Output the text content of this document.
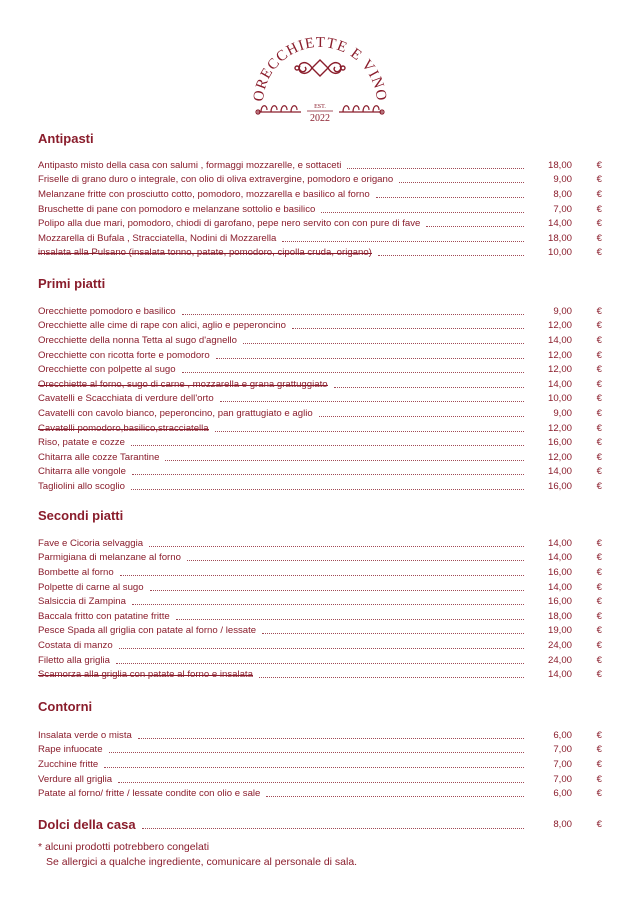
ORECCHIETTE E VINO
EST.
2022
Antipasti
Antipasto misto della casa con salumi , formaggi mozzarelle, e sottaceti	18,00	€
Friselle di grano duro o integrale, con olio di oliva extravergine, pomodoro e origano	9,00	€
Melanzane fritte con prosciutto cotto, pomodoro, mozzarella e basilico al forno	8,00	€
Bruschette di pane con pomodoro e melanzane sottolio e basilico	7,00	€
Polipo alla due mari, pomodoro, chiodi di garofano, pepe nero servito con con pure di fave	14,00	€
Mozzarella di Bufala , Stracciatella, Nodini di Mozzarella	18,00	€
insalata alla Pulsano (insalata tonno, patate, pomodoro, cipolla cruda, origano)	10,00	€
Primi piatti
Orecchiette pomodoro e basilico	9,00	€
Orecchiette alle cime di rape con alici, aglio e peperoncino	12,00	€
Orecchiette della nonna Tetta al sugo d'agnello	14,00	€
Orecchiette con ricotta forte e pomodoro	12,00	€
Orecchiette con polpette al sugo	12,00	€
Orecchiette al forno, sugo di carne , mozzarella e grana grattuggiato	14,00	€
Cavatelli e Scacchiata di verdure dell'orto	10,00	€
Cavatelli con cavolo bianco, peperoncino, pan grattugiato e aglio	9,00	€
Cavatelli pomodoro,basilico,stracciatella	12,00	€
Riso, patate e cozze	16,00	€
Chitarra alle cozze Tarantine	12,00	€
Chitarra alle vongole	14,00	€
Tagliolini allo scoglio	16,00	€
Secondi piatti
Fave e Cicoria selvaggia	14,00	€
Parmigiana di melanzane al forno	14,00	€
Bombette al forno	16,00	€
Polpette di carne al sugo	14,00	€
Salsiccia di Zampina	16,00	€
Baccala fritto con patatine fritte	18,00	€
Pesce Spada all griglia con patate al forno / lessate	19,00	€
Costata di manzo	24,00	€
Filetto alla griglia	24,00	€
Scamorza alla griglia con patate al forno e insalata	14,00	€
Contorni
Insalata verde o mista	6,00	€
Rape infuocate	7,00	€
Zucchine fritte	7,00	€
Verdure all griglia	7,00	€
Patate al forno/ fritte / lessate condite con olio e sale	6,00	€
Dolci della casa	8,00	€
* alcuni prodotti potrebbero congelati
Se allergici a qualche ingrediente, comunicare al personale di sala.
